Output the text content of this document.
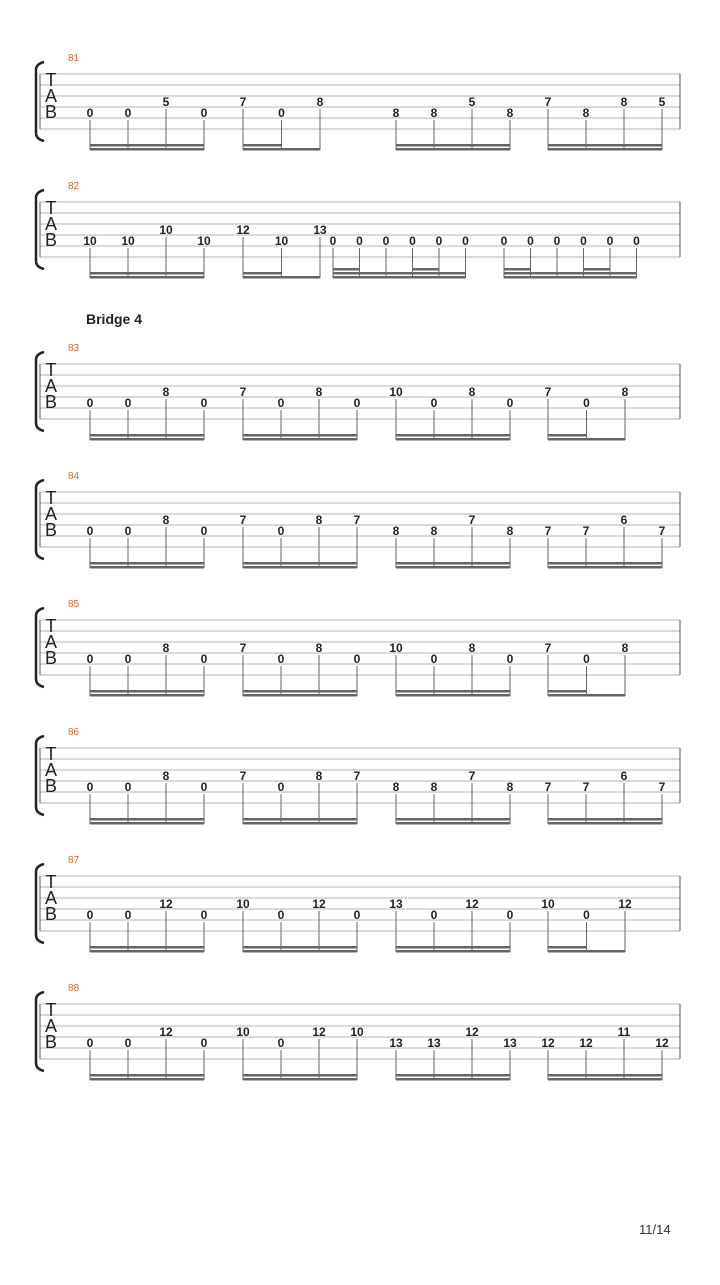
81
T
A
B 0	0
5
0
7
0
8
8	8
5
8
7
8
8	5
82
T
A
B 10 10
10
10
12
10
13
0 0 0 0 0 0	0 0 0 0 0 0
83
T
A
B 0	0
8
0
7
0
8
0
10
0
8
0
7
0
8
84
T
A
B 0	0
8
0
7
0
8	7
8	8
7
8	7	7
6
7
85
T
A
B 0	0
8
0
7
0
8
0
10
0
8
0
7
0
8
86
T
A
B 0	0
8
0
7
0
8	7
8	8
7
8	7	7
6
7
87
T
A
B 0	0
12
0
10
0
12
0
13
0
12
0
10
0
12
88
T
A
B 0	0
12
0
10
0
12 10
13 13
12
13 12 12
11
12
Bridge 4
11/14
